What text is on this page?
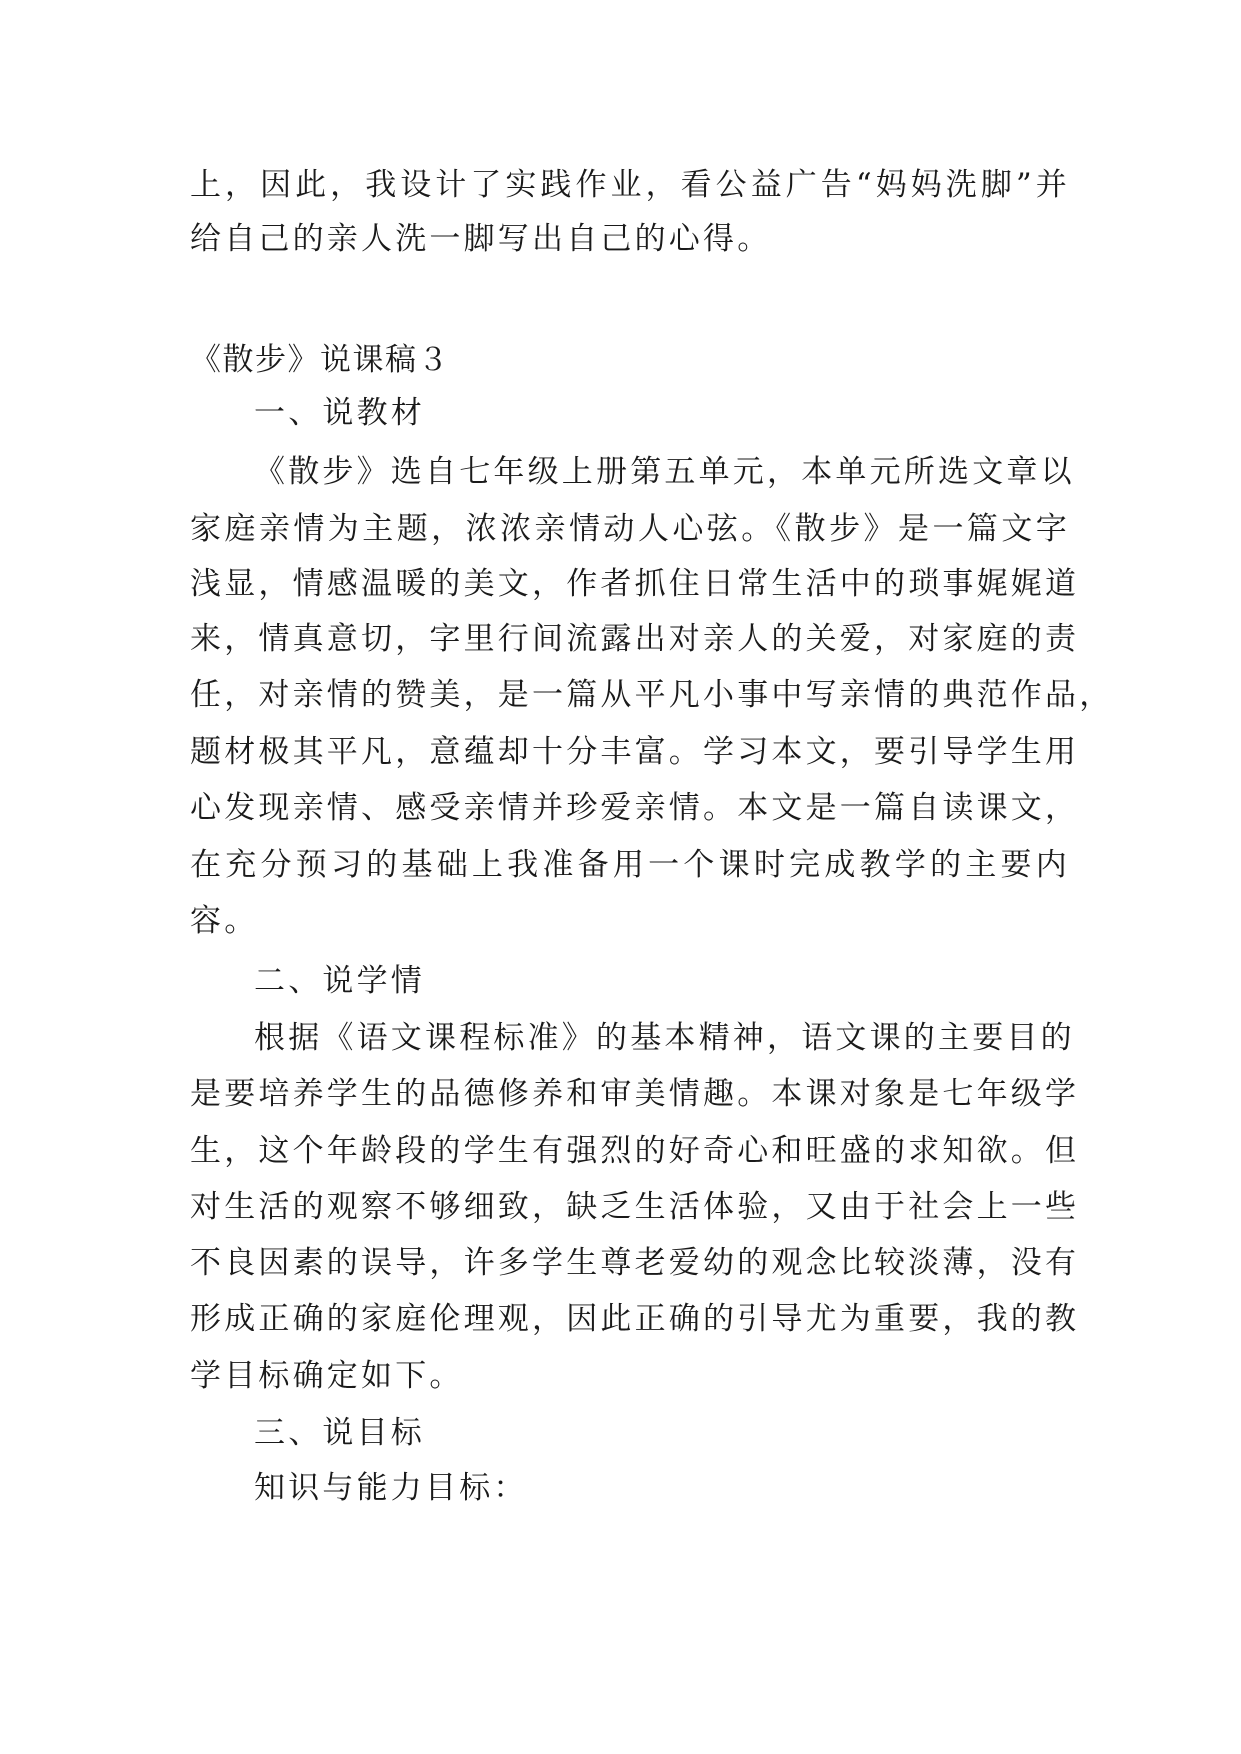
上，因此，我设计了实践作业，看公益广告“妈妈洗脚”并
给自己的亲人洗一脚写出自己的心得。
《散步》说课稿３
一、说教材
《散步》选自七年级上册第五单元，本单元所选文章以
家庭亲情为主题，浓浓亲情动人心弦。《散步》是一篇文字
浅显，情感温暖的美文，作者抓住日常生活中的琐事娓娓道
来，情真意切，字里行间流露出对亲人的关爱，对家庭的责
任，对亲情的赞美，是一篇从平凡小事中写亲情的典范作品，
题材极其平凡，意蕴却十分丰富。学习本文，要引导学生用
心发现亲情、感受亲情并珍爱亲情。本文是一篇自读课文，
在充分预习的基础上我准备用一个课时完成教学的主要内
容。
二、说学情
根据《语文课程标准》的基本精神，语文课的主要目的
是要培养学生的品德修养和审美情趣。本课对象是七年级学
生，这个年龄段的学生有强烈的好奇心和旺盛的求知欲。但
对生活的观察不够细致，缺乏生活体验，又由于社会上一些
不良因素的误导，许多学生尊老爱幼的观念比较淡薄，没有
形成正确的家庭伦理观，因此正确的引导尤为重要，我的教
学目标确定如下。
三、说目标
知识与能力目标：
